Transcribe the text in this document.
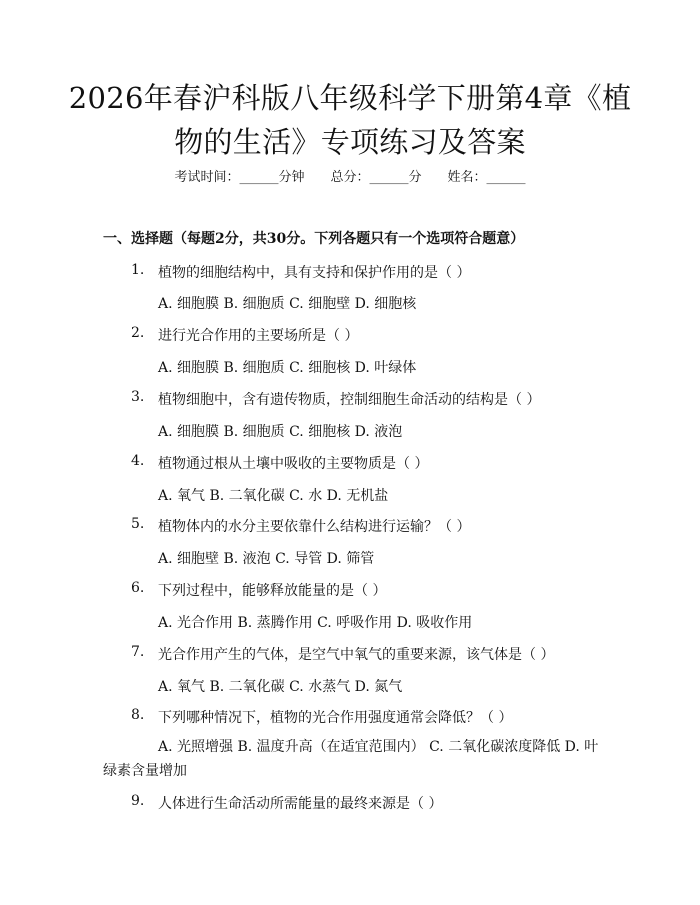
2026年春沪科版八年级科学下册第4章《植物的生活》专项练习及答案
考试时间：______分钟　　总分：______分　　姓名：______
一、选择题（每题2分，共30分。下列各题只有一个选项符合题意）
1. 植物的细胞结构中，具有支持和保护作用的是（ ）
A. 细胞膜 B. 细胞质 C. 细胞壁 D. 细胞核
2. 进行光合作用的主要场所是（ ）
A. 细胞膜 B. 细胞质 C. 细胞核 D. 叶绿体
3. 植物细胞中，含有遗传物质，控制细胞生命活动的结构是（ ）
A. 细胞膜 B. 细胞质 C. 细胞核 D. 液泡
4. 植物通过根从土壤中吸收的主要物质是（ ）
A. 氧气 B. 二氧化碳 C. 水 D. 无机盐
5. 植物体内的水分主要依靠什么结构进行运输？（ ）
A. 细胞壁 B. 液泡 C. 导管 D. 筛管
6. 下列过程中，能够释放能量的是（ ）
A. 光合作用 B. 蒸腾作用 C. 呼吸作用 D. 吸收作用
7. 光合作用产生的气体，是空气中氧气的重要来源，该气体是（ ）
A. 氧气 B. 二氧化碳 C. 水蒸气 D. 氮气
8. 下列哪种情况下，植物的光合作用强度通常会降低？（ ）
A. 光照增强 B. 温度升高（在适宜范围内） C. 二氧化碳浓度降低 D. 叶绿素含量增加
9. 人体进行生命活动所需能量的最终来源是（ ）
